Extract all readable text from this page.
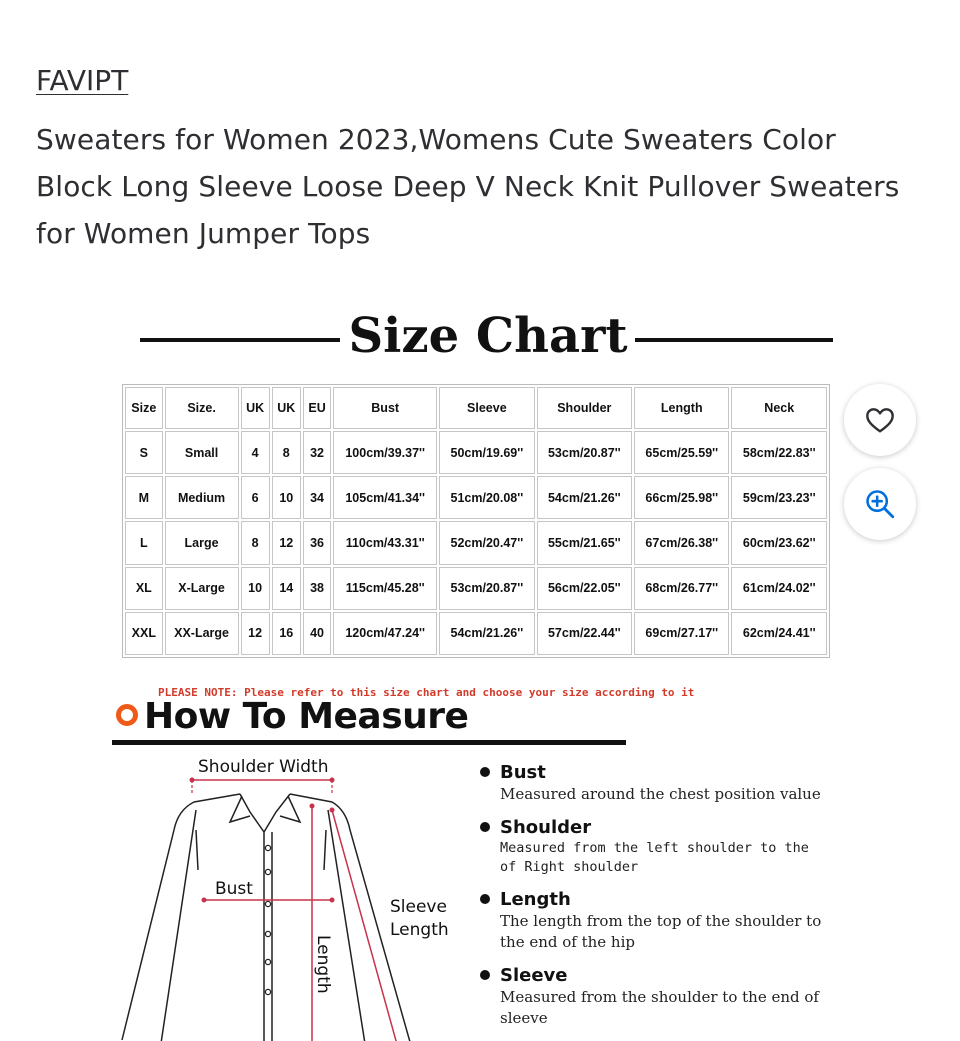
FAVIPT
Sweaters for Women 2023,Womens Cute Sweaters Color Block Long Sleeve Loose Deep V Neck Knit Pullover Sweaters for Women Jumper Tops
Size Chart
Size	Size.	UK	UK	EU	Bust	Sleeve	Shoulder	Length	Neck
S	Small	4	8	32	100cm/39.37''	50cm/19.69''	53cm/20.87''	65cm/25.59''	58cm/22.83''
M	Medium	6	10	34	105cm/41.34''	51cm/20.08''	54cm/21.26''	66cm/25.98''	59cm/23.23''
L	Large	8	12	36	110cm/43.31''	52cm/20.47''	55cm/21.65''	67cm/26.38''	60cm/23.62''
XL	X-Large	10	14	38	115cm/45.28''	53cm/20.87''	56cm/22.05''	68cm/26.77''	61cm/24.02''
XXL	XX-Large	12	16	40	120cm/47.24''	54cm/21.26''	57cm/22.44''	69cm/27.17''	62cm/24.41''
PLEASE NOTE: Please refer to this size chart and choose your size according to it
How To Measure
Shoulder Width
Bust
Length
Sleeve
Length
Bust
Measured around the chest position value
Shoulder
Measured from the left shoulder to the of Right shoulder
Length
The length from the top of the shoulder to the end of the hip
Sleeve
Measured from the shoulder to the end of sleeve
